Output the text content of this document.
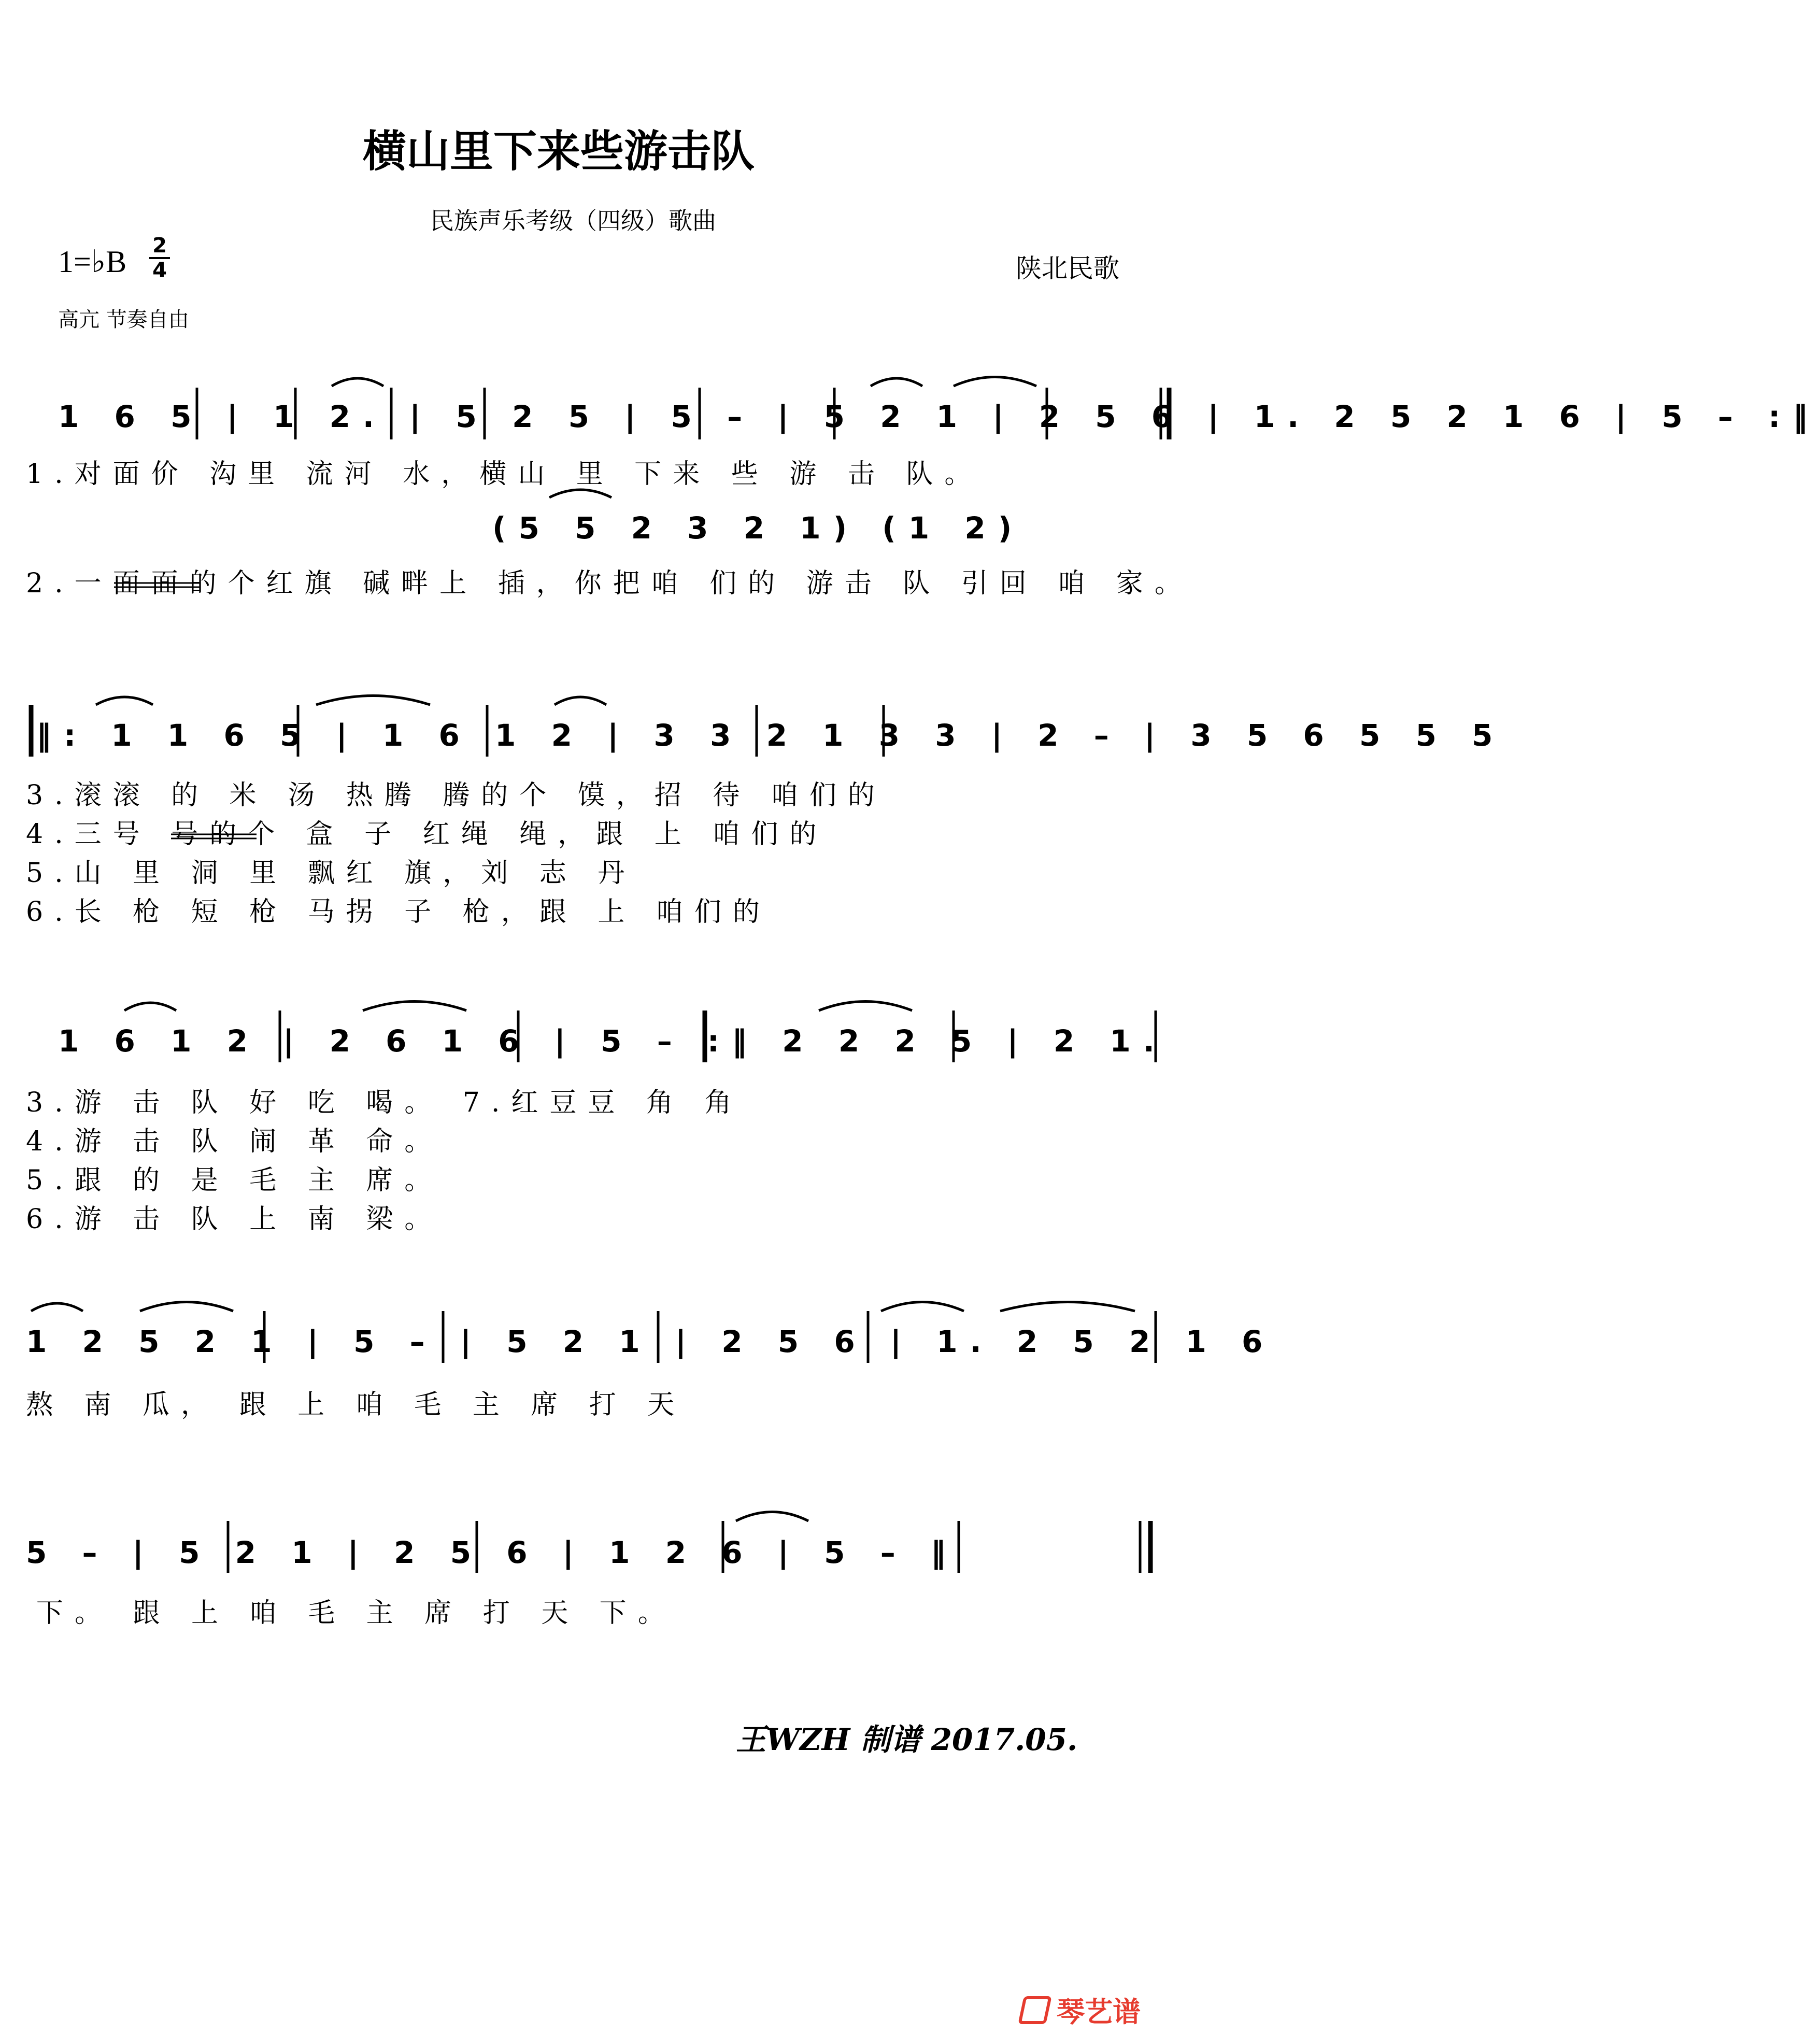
横山里下来些游击队
民族声乐考级（四级）歌曲
1=♭B 2
4	陕北民歌
高亢 节奏自由
1 6 5 | 1 2. | 5 2 5 | 5 – | 5 2 1 | 2 5 6 | 1. 2 5 2 1 6 | 5 – :‖
1.对面价 沟里 流河 水，横山 里 下来 些 游 击 队。
(5 5 2 3 2 1) (1 2)
2.一面面的个红旗 碱畔上 插，你把咱 们的 游击 队 引回 咱 家。
‖: 1 1 6 5 | 1 6 1 2 | 3 3 2 1 3 3 | 2 – | 3 5 6 5 5 5
3.滚滚 的 米 汤 热腾 腾的个 馍，招 待 咱们的
4.三号 号的个 盒 子 红绳 绳，跟 上 咱们的
5.山 里 洞 里 飘红 旗，刘 志 丹
6.长 枪 短 枪 马拐 子 枪，跟 上 咱们的
1 6 1 2 | 2 6 1 6 | 5 – :‖ 2 2 2 5 | 2 1.
3.游 击 队 好 吃 喝。 7.红豆豆 角 角
4.游 击 队 闹 革 命。
5.跟 的 是 毛 主 席。
6.游 击 队 上 南 梁。
1 2 5 2 1 | 5 – | 5 2 1 | 2 5 6 | 1. 2 5 2 1 6
熬 南 瓜， 跟 上 咱 毛 主 席 打 天
5 – | 5 2 1 | 2 5 6 | 1 2 6 | 5 – ‖
下。 跟 上 咱 毛 主 席 打 天 下。
王WZH 制谱 2017.05.
琴艺谱
